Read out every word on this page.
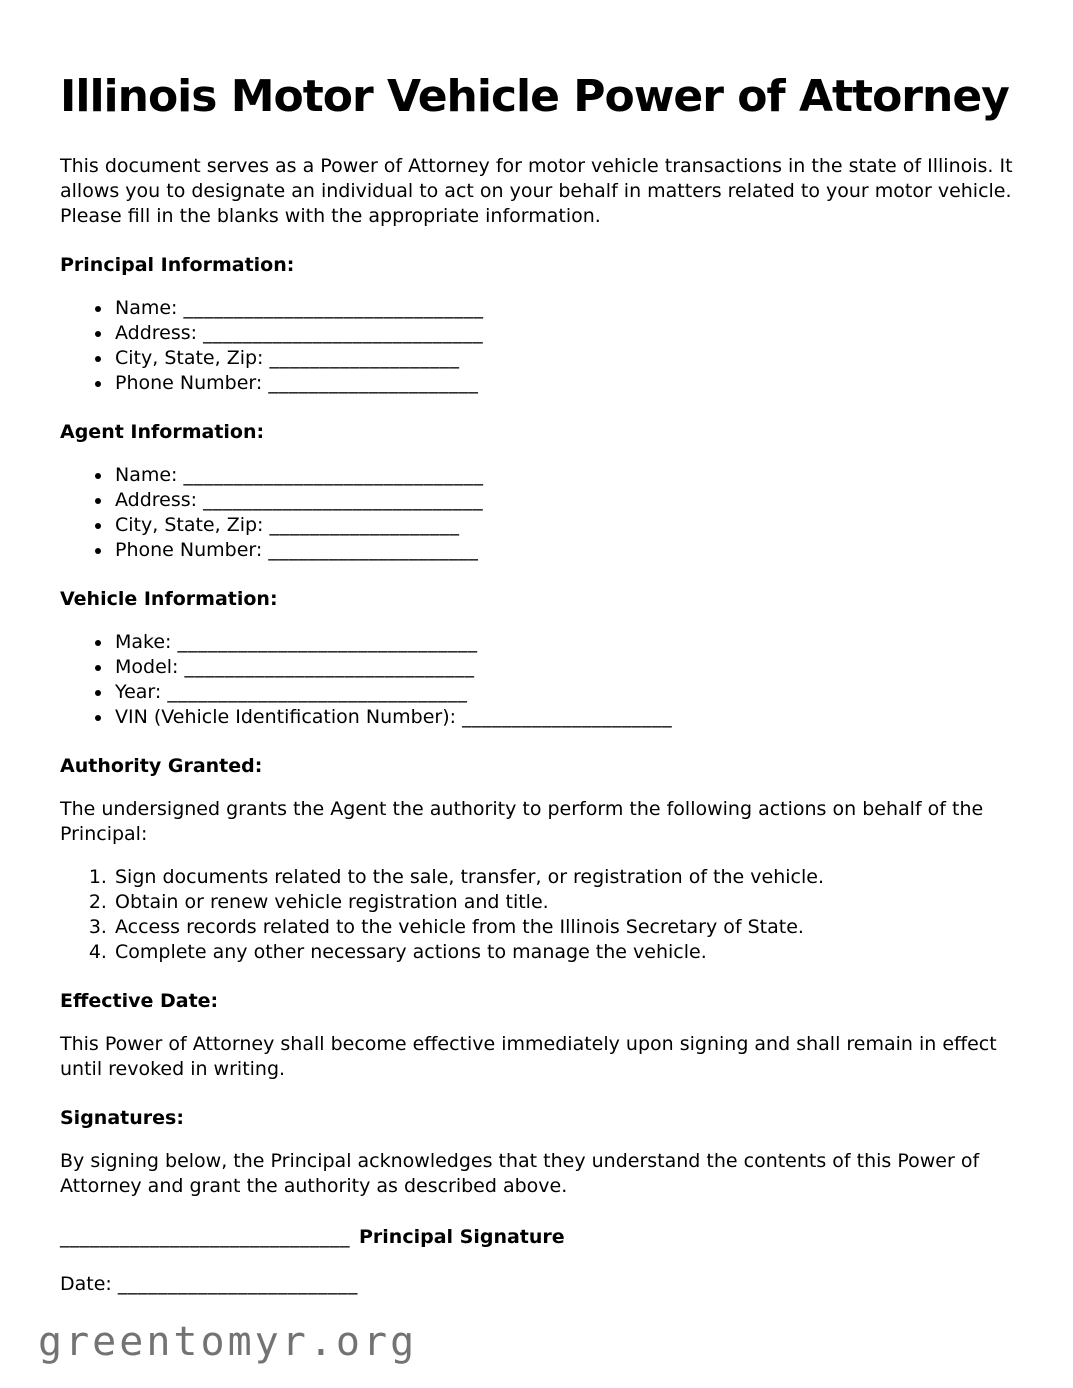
Illinois Motor Vehicle Power of Attorney

This document serves as a Power of Attorney for motor vehicle transactions in the state of Illinois. It allows you to designate an individual to act on your behalf in matters related to your motor vehicle. Please fill in the blanks with the appropriate information.

Principal Information:
• Name: ______________________________
• Address: ____________________________
• City, State, Zip: ___________________
• Phone Number: _____________________
Agent Information:
• Name: ______________________________
• Address: ____________________________
• City, State, Zip: ___________________
• Phone Number: _____________________
Vehicle Information:
• Make: ______________________________
• Model: _____________________________
• Year: ______________________________
• VIN (Vehicle Identification Number): _____________________
Authority Granted:

The undersigned grants the Agent the authority to perform the following actions on behalf of the Principal:

1. Sign documents related to the sale, transfer, or registration of the vehicle.
2. Obtain or renew vehicle registration and title.
3. Access records related to the vehicle from the Illinois Secretary of State.
4. Complete any other necessary actions to manage the vehicle.
Effective Date:

This Power of Attorney shall become effective immediately upon signing and shall remain in effect until revoked in writing.

Signatures:

By signing below, the Principal acknowledges that they understand the contents of this Power of Attorney and grant the authority as described above.

_____________________________ Principal Signature
Date: ________________________
greentomyr.org
